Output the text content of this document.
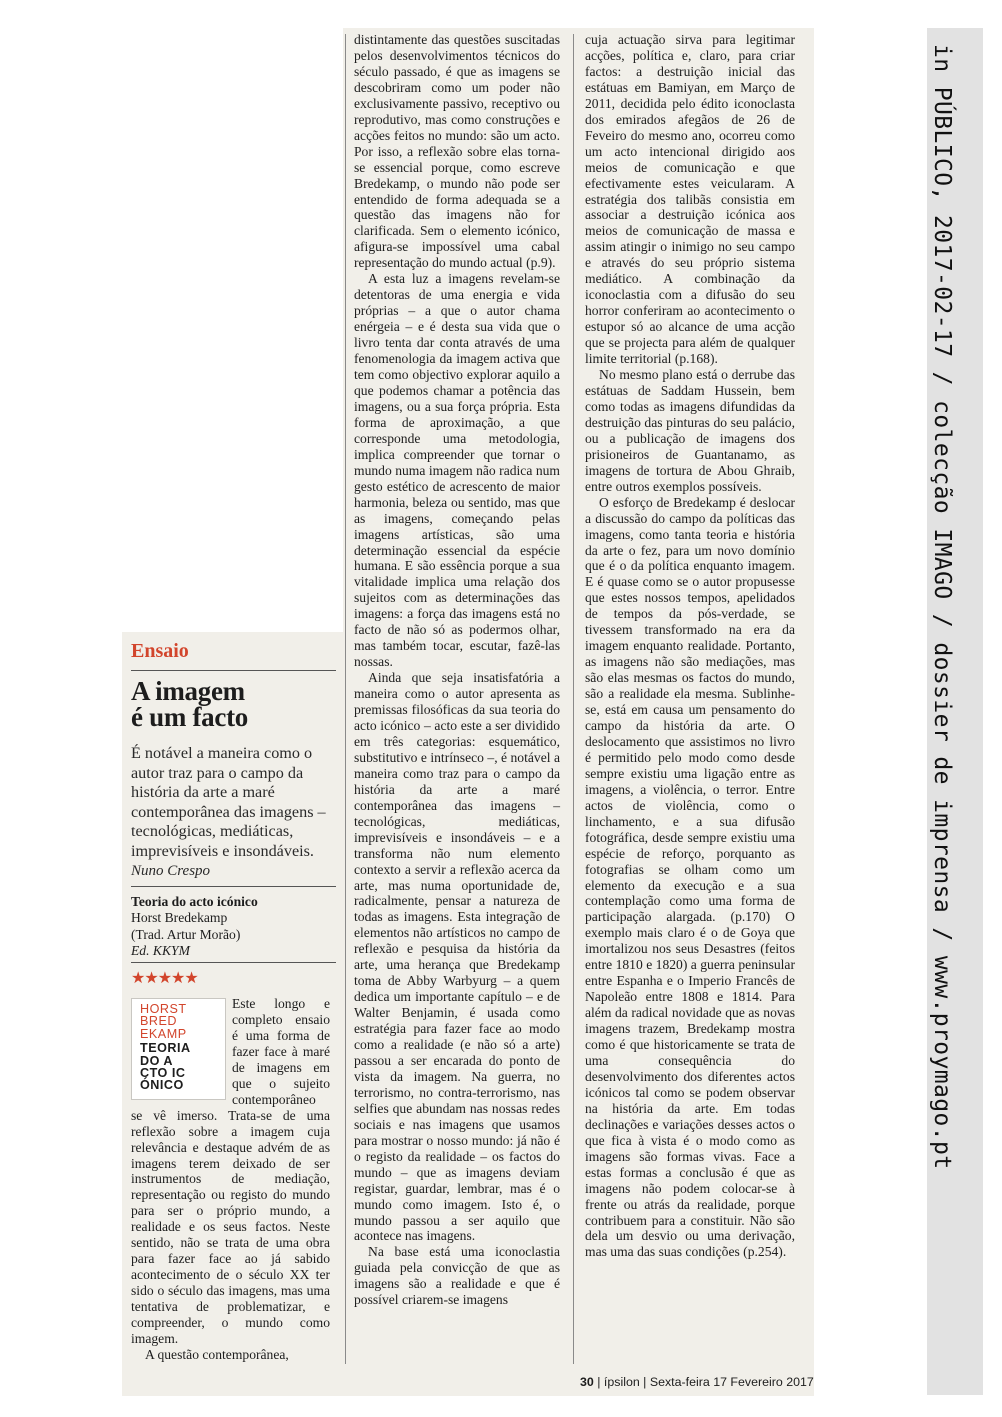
in PÚBLICO, 2017-02-17 / colecção IMAGO / dossier de imprensa / www.proymago.pt
Ensaio
A imagem
é um facto
É notável a maneira como o autor traz para o campo da história da arte a maré contemporânea das imagens – tecnológicas, mediáticas, imprevisíveis e insondáveis.
Nuno Crespo
Teoria do acto icónico
Horst Bredekamp
(Trad. Artur Morão)
Ed. KKYM
★★★★★
HORST
BRED
EKAMP
TEORIA
DO A
CTO IC
ÓNICO

Este longo e completo ensaio é uma forma de fazer face à maré de imagens em que o sujeito contemporâneo se vê imerso. Trata-se de uma reflexão sobre a imagem cuja relevância e destaque advém de as imagens terem deixado de ser instrumentos de mediação, representação ou registo do mundo para ser o próprio mundo, a realidade e os seus factos. Neste sentido, não se trata de uma obra para fazer face ao já sabido acontecimento de o século XX ter sido o século das imagens, mas uma tentativa de problematizar, e compreender, o mundo como imagem.

A questão contemporânea,

distintamente das questões suscitadas pelos desenvolvimentos técnicos do século passado, é que as imagens se descobriram como um poder não exclusivamente passivo, receptivo ou reprodutivo, mas como construções e acções feitos no mundo: são um acto. Por isso, a reflexão sobre elas torna-se essencial porque, como escreve Bredekamp, o mundo não pode ser entendido de forma adequada se a questão das imagens não for clarificada. Sem o elemento icónico, afigura-se impossível uma cabal representação do mundo actual (p.9).

A esta luz a imagens revelam-se detentoras de uma energia e vida próprias – a que o autor chama enérgeia – e é desta sua vida que o livro tenta dar conta através de uma fenomenologia da imagem activa que tem como objectivo explorar aquilo a que podemos chamar a potência das imagens, ou a sua força própria. Esta forma de aproximação, a que corresponde uma metodologia, implica compreender que tornar o mundo numa imagem não radica num gesto estético de acrescento de maior harmonia, beleza ou sentido, mas que as imagens, começando pelas imagens artísticas, são uma determinação essencial da espécie humana. E são essência porque a sua vitalidade implica uma relação dos sujeitos com as determinações das imagens: a força das imagens está no facto de não só as podermos olhar, mas também tocar, escutar, fazê-las nossas.

Ainda que seja insatisfatória a maneira como o autor apresenta as premissas filosóficas da sua teoria do acto icónico – acto este a ser dividido em três categorias: esquemático, substitutivo e intrínseco –, é notável a maneira como traz para o campo da história da arte a maré contemporânea das imagens – tecnológicas, mediáticas, imprevisíveis e insondáveis – e a transforma não num elemento contexto a servir a reflexão acerca da arte, mas numa oportunidade de, radicalmente, pensar a natureza de todas as imagens. Esta integração de elementos não artísticos no campo de reflexão e pesquisa da história da arte, uma herança que Bredekamp toma de Abby Warbyurg – a quem dedica um importante capítulo – e de Walter Benjamin, é usada como estratégia para fazer face ao modo como a realidade (e não só a arte) passou a ser encarada do ponto de vista da imagem. Na guerra, no terrorismo, no contra-terrorismo, nas selfies que abundam nas nossas redes sociais e nas imagens que usamos para mostrar o nosso mundo: já não é o registo da realidade – os factos do mundo – que as imagens deviam registar, guardar, lembrar, mas é o mundo como imagem. Isto é, o mundo passou a ser aquilo que acontece nas imagens.

Na base está uma iconoclastia guiada pela convicção de que as imagens são a realidade e que é possível criarem-se imagens

cuja actuação sirva para legitimar acções, política e, claro, para criar factos: a destruição inicial das estátuas em Bamiyan, em Março de 2011, decidida pelo édito iconoclasta dos emirados afegãos de 26 de Feveiro do mesmo ano, ocorreu como um acto intencional dirigido aos meios de comunicação e que efectivamente estes veicularam. A estratégia dos talibãs consistia em associar a destruição icónica aos meios de comunicação de massa e assim atingir o inimigo no seu campo e através do seu próprio sistema mediático. A combinação da iconoclastia com a difusão do seu horror conferiram ao acontecimento o estupor só ao alcance de uma acção que se projecta para além de qualquer limite territorial (p.168).

No mesmo plano está o derrube das estátuas de Saddam Hussein, bem como todas as imagens difundidas da destruição das pinturas do seu palácio, ou a publicação de imagens dos prisioneiros de Guantanamo, as imagens de tortura de Abou Ghraib, entre outros exemplos possíveis.

O esforço de Bredekamp é deslocar a discussão do campo da políticas das imagens, como tanta teoria e história da arte o fez, para um novo domínio que é o da política enquanto imagem. E é quase como se o autor propusesse que estes nossos tempos, apelidados de tempos da pós-verdade, se tivessem transformado na era da imagem enquanto realidade. Portanto, as imagens não são mediações, mas são elas mesmas os factos do mundo, são a realidade ela mesma. Sublinhe-se, está em causa um pensamento do campo da história da arte. O deslocamento que assistimos no livro é permitido pelo modo como desde sempre existiu uma ligação entre as imagens, a violência, o terror. Entre actos de violência, como o linchamento, e a sua difusão fotográfica, desde sempre existiu uma espécie de reforço, porquanto as fotografias se olham como um elemento da execução e a sua contemplação como uma forma de participação alargada. (p.170) O exemplo mais claro é o de Goya que imortalizou nos seus Desastres (feitos entre 1810 e 1820) a guerra peninsular entre Espanha e o Imperio Francês de Napoleão entre 1808 e 1814. Para além da radical novidade que as novas imagens trazem, Bredekamp mostra como é que historicamente se trata de uma consequência do desenvolvimento dos diferentes actos icónicos tal como se podem observar na história da arte. Em todas declinações e variações desses actos o que fica à vista é o modo como as imagens são formas vivas. Face a estas formas a conclusão é que as imagens não podem colocar-se à frente ou atrás da realidade, porque contribuem para a constituir. Não são dela um desvio ou uma derivação, mas uma das suas condições (p.254).

30 | ípsilon | Sexta-feira 17 Fevereiro 2017
